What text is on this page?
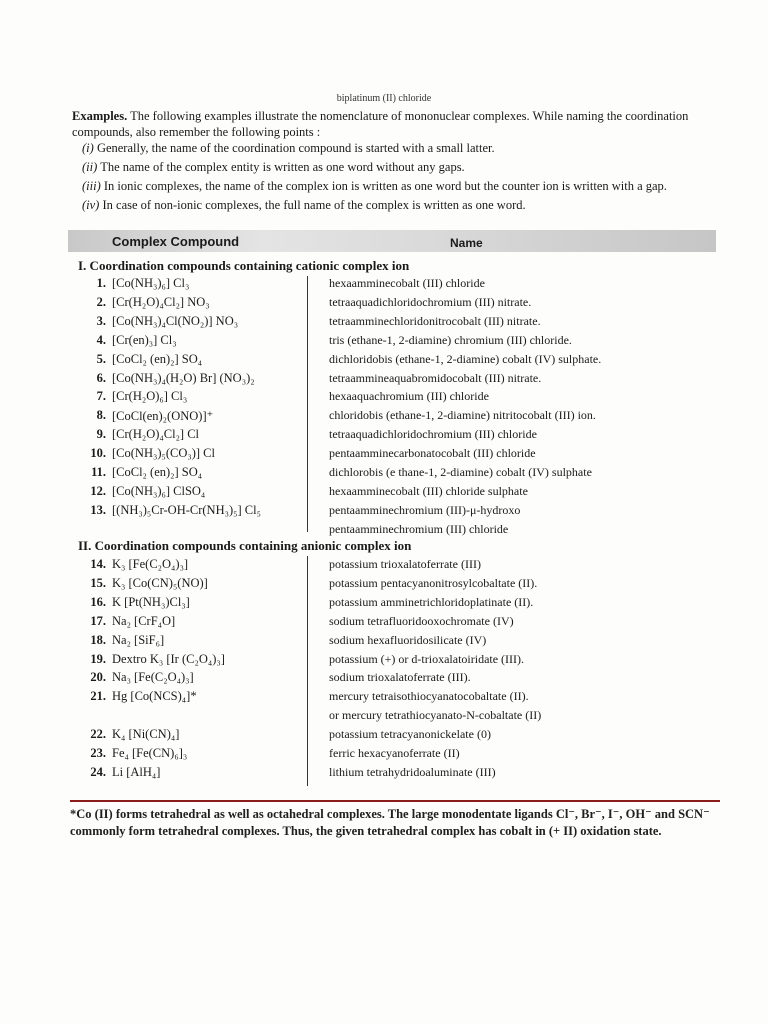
biplatinum (II) chloride
Examples. The following examples illustrate the nomenclature of mononuclear complexes. While naming the coordination compounds, also remember the following points :
(i) Generally, the name of the coordination compound is started with a small latter.
(ii) The name of the complex entity is written as one word without any gaps.
(iii) In ionic complexes, the name of the complex ion is written as one word but the counter ion is written with a gap.
(iv) In case of non-ionic complexes, the full name of the complex is written as one word.
Complex Compound	Name
I. Coordination compounds containing cationic complex ion
1. [Co(NH₃)₆] Cl₃	hexaamminecobalt (III) chloride
2. [Cr(H₂O)₄Cl₂] NO₃	tetraaquadichloridochromium (III) nitrate.
3. [Co(NH₃)₄Cl(NO₂)] NO₃	tetraamminechloridonitrocobalt (III) nitrate.
4. [Cr(en)₃] Cl₃	tris (ethane-1, 2-diamine) chromium (III) chloride.
5. [CoCl₂ (en)₂] SO₄	dichloridobis (ethane-1, 2-diamine) cobalt (IV) sulphate.
6. [Co(NH₃)₄(H₂O) Br] (NO₃)₂	tetraammineaquabromidocobalt (III) nitrate.
7. [Cr(H₂O)₆] Cl₃	hexaaquachromium (III) chloride
8. [CoCl(en)₂(ONO)]⁺	chloridobis (ethane-1, 2-diamine) nitritocobalt (III) ion.
9. [Cr(H₂O)₄Cl₂] Cl	tetraaquadichloridochromium (III) chloride
10. [Co(NH₃)₅(CO₃)] Cl	pentaamminecarbonatocobalt (III) chloride
11. [CoCl₂ (en)₂] SO₄	dichlorobis (e thane-1, 2-diamine) cobalt (IV) sulphate
12. [Co(NH₃)₆] ClSO₄	hexaamminecobalt (III) chloride sulphate
13. [(NH₃)₅Cr-OH-Cr(NH₃)₅] Cl₅	pentaamminechromium (III)-μ-hydroxo
pentaamminechromium (III) chloride
II. Coordination compounds containing anionic complex ion
14. K₃ [Fe(C₂O₄)₃]	potassium trioxalatoferrate (III)
15. K₃ [Co(CN)₅(NO)]	potassium pentacyanonitrosylcobaltate (II).
16. K [Pt(NH₃)Cl₃]	potassium amminetrichloridoplatinate (II).
17. Na₂ [CrF₄O]	sodium tetrafluoridooxochromate (IV)
18. Na₂ [SiF₆]	sodium hexafluoridosilicate (IV)
19. Dextro K₃ [Ir (C₂O₄)₃]	potassium (+) or d-trioxalatoiridate (III).
20. Na₃ [Fe(C₂O₄)₃]	sodium trioxalatoferrate (III).
21. Hg [Co(NCS)₄]*	mercury tetraisothiocyanatocobaltate (II).
or mercury tetrathiocyanato-N-cobaltate (II)
22. K₄ [Ni(CN)₄]	potassium tetracyanonickelate (0)
23. Fe₄ [Fe(CN)₆]₃	ferric hexacyanoferrate (II)
24. Li [AlH₄]	lithium tetrahydridoaluminate (III)
*Co (II) forms tetrahedral as well as octahedral complexes. The large monodentate ligands Cl⁻, Br⁻, I⁻, OH⁻ and SCN⁻ commonly form tetrahedral complexes. Thus, the given tetrahedral complex has cobalt in (+ II) oxidation state.
